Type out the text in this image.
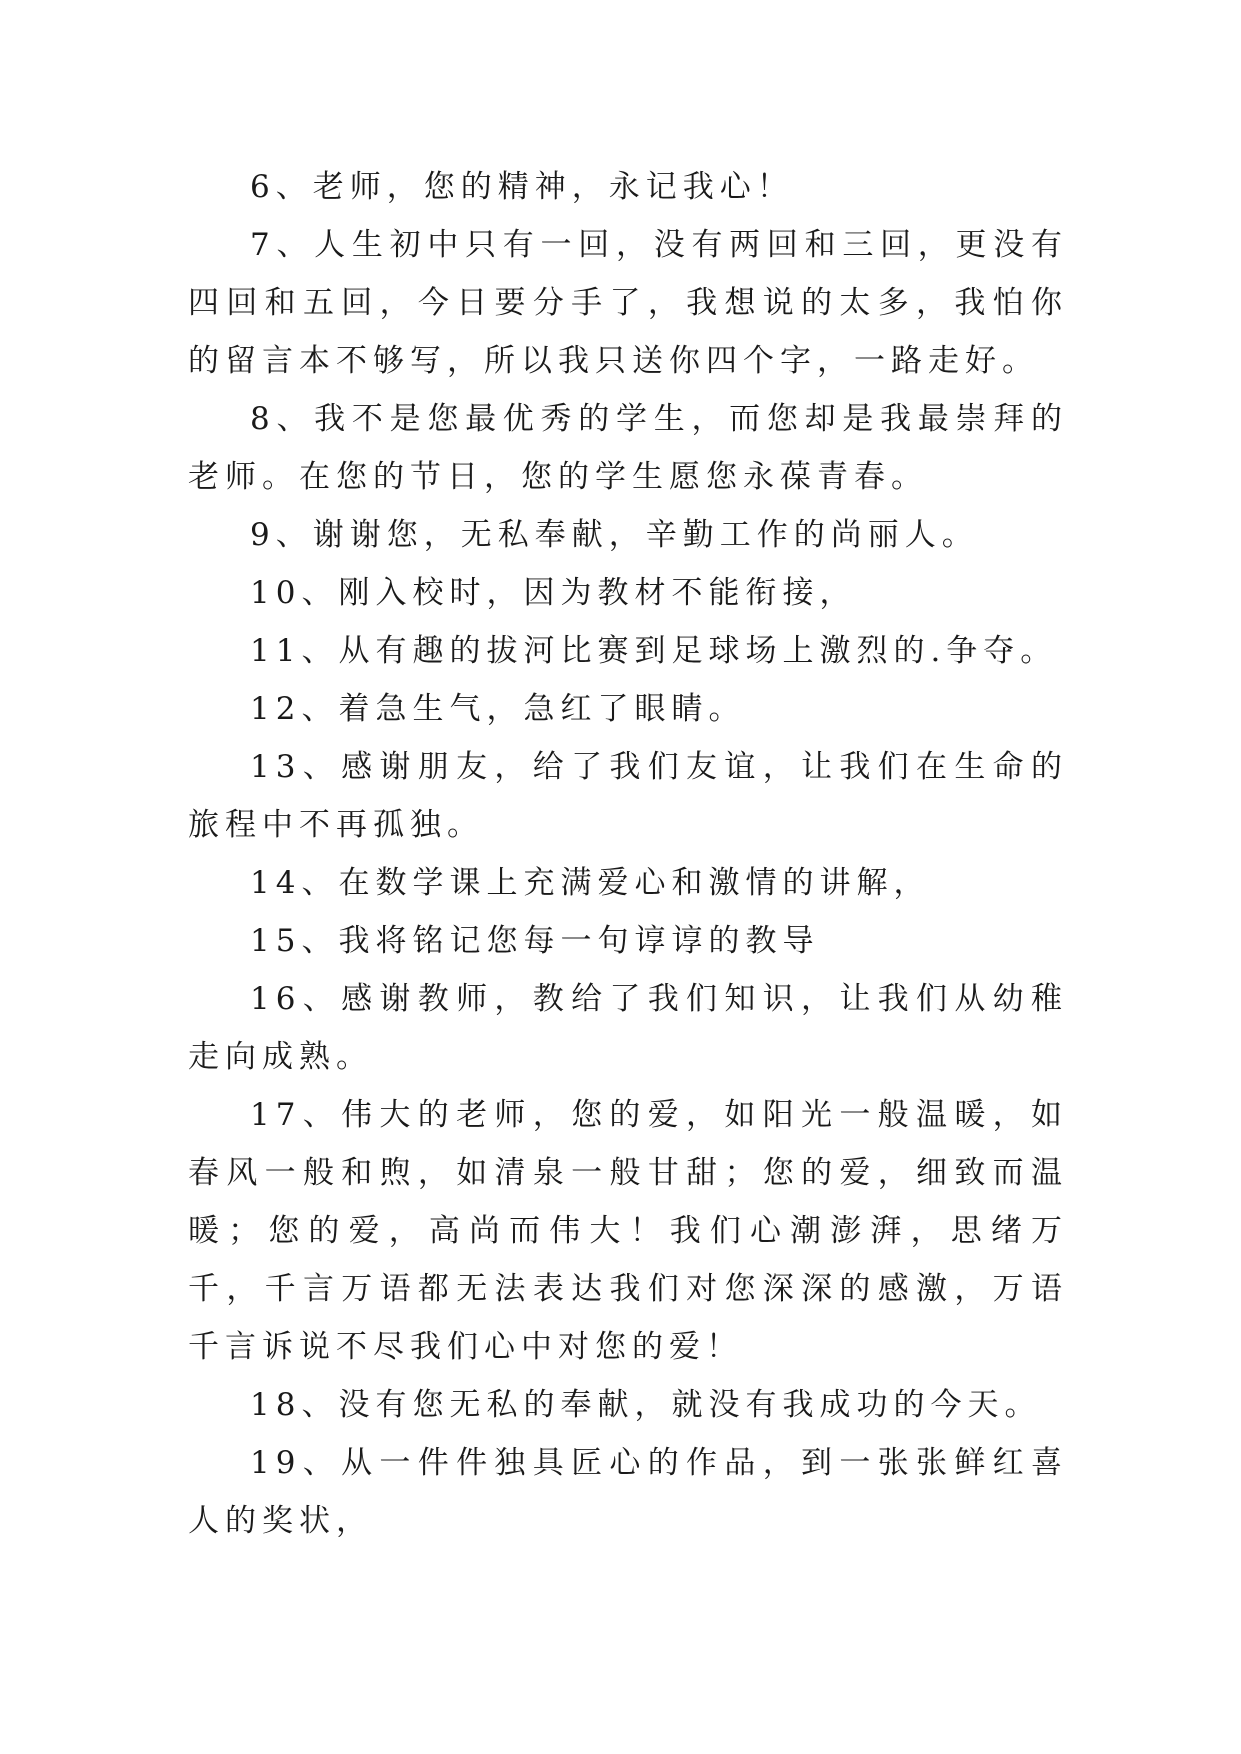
6、老师，您的精神，永记我心！

7、人生初中只有一回，没有两回和三回，更没有四回和五回，今日要分手了，我想说的太多，我怕你的留言本不够写，所以我只送你四个字，一路走好。

8、我不是您最优秀的学生，而您却是我最崇拜的老师。在您的节日，您的学生愿您永葆青春。

9、谢谢您，无私奉献，辛勤工作的尚丽人。

10、刚入校时，因为教材不能衔接，

11、从有趣的拔河比赛到足球场上激烈的.争夺。

12、着急生气，急红了眼睛。

13、感谢朋友，给了我们友谊，让我们在生命的旅程中不再孤独。

14、在数学课上充满爱心和激情的讲解，

15、我将铭记您每一句谆谆的教导

16、感谢教师，教给了我们知识，让我们从幼稚走向成熟。

17、伟大的老师，您的爱，如阳光一般温暖，如春风一般和煦，如清泉一般甘甜；您的爱，细致而温暖；您的爱，高尚而伟大！我们心潮澎湃，思绪万千，千言万语都无法表达我们对您深深的感激，万语千言诉说不尽我们心中对您的爱！

18、没有您无私的奉献，就没有我成功的今天。

19、从一件件独具匠心的作品，到一张张鲜红喜人的奖状，
